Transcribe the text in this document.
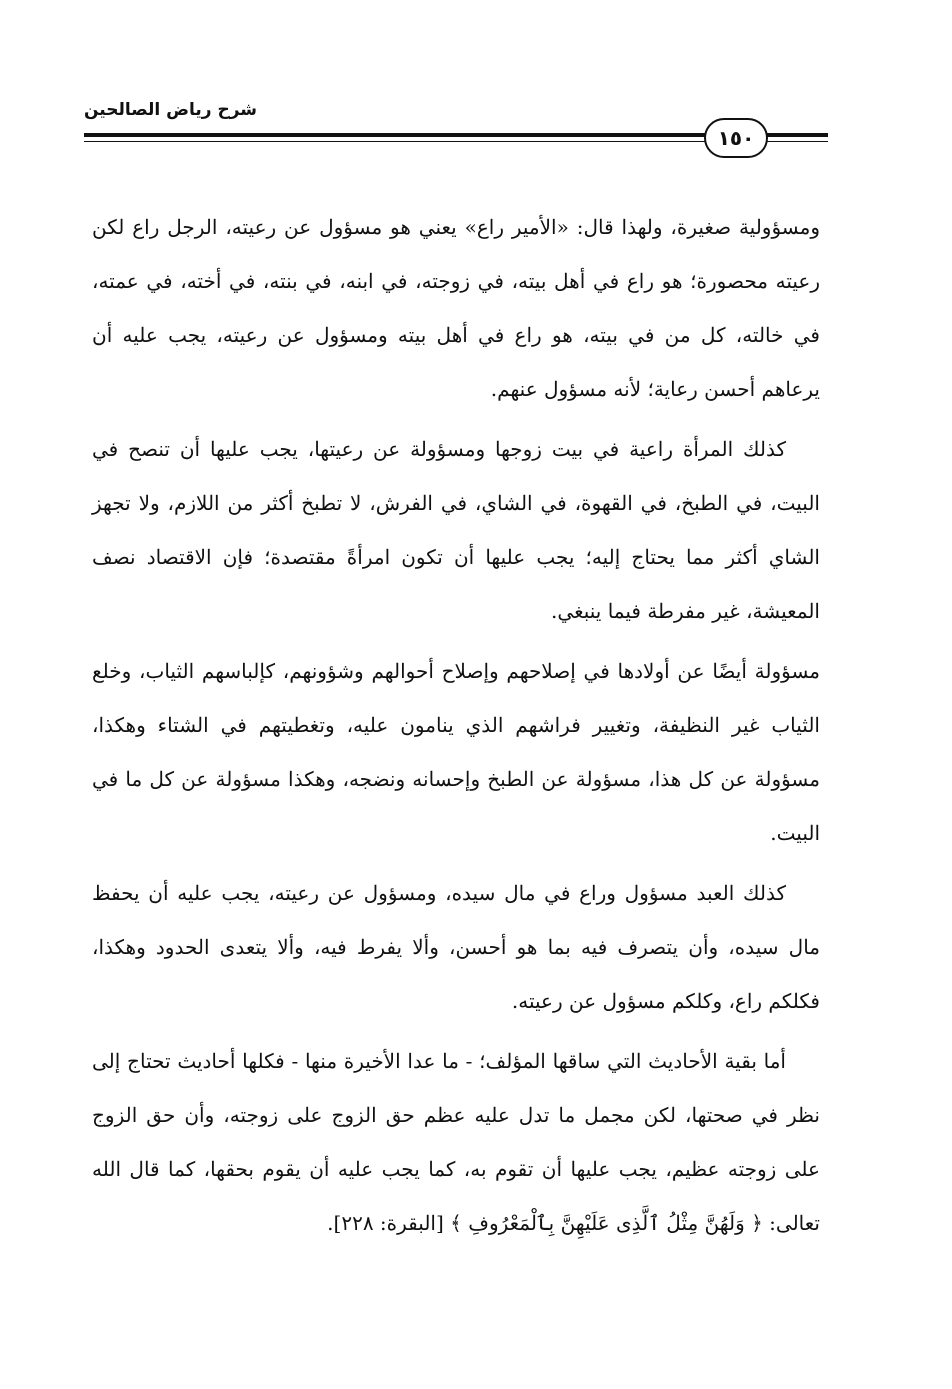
شرح رياض الصالحين
١٥٠

ومسؤولية صغيرة، ولهذا قال: «الأمير راع» يعني هو مسؤول عن رعيته، الرجل راع لكن رعيته محصورة؛ هو راع في أهل بيته، في زوجته، في ابنه، في بنته، في أخته، في عمته، في خالته، كل من في بيته، هو راع في أهل بيته ومسؤول عن رعيته، يجب عليه أن يرعاهم أحسن رعاية؛ لأنه مسؤول عنهم.

كذلك المرأة راعية في بيت زوجها ومسؤولة عن رعيتها، يجب عليها أن تنصح في البيت، في الطبخ، في القهوة، في الشاي، في الفرش، لا تطبخ أكثر من اللازم، ولا تجهز الشاي أكثر مما يحتاج إليه؛ يجب عليها أن تكون امرأةً مقتصدة؛ فإن الاقتصاد نصف المعيشة، غير مفرطة فيما ينبغي.

مسؤولة أيضًا عن أولادها في إصلاحهم وإصلاح أحوالهم وشؤونهم، كإلباسهم الثياب، وخلع الثياب غير النظيفة، وتغيير فراشهم الذي ينامون عليه، وتغطيتهم في الشتاء وهكذا، مسؤولة عن كل هذا، مسؤولة عن الطبخ وإحسانه ونضجه، وهكذا مسؤولة عن كل ما في البيت.

كذلك العبد مسؤول وراع في مال سيده، ومسؤول عن رعيته، يجب عليه أن يحفظ مال سيده، وأن يتصرف فيه بما هو أحسن، وألا يفرط فيه، وألا يتعدى الحدود وهكذا، فكلكم راع، وكلكم مسؤول عن رعيته.

أما بقية الأحاديث التي ساقها المؤلف؛ - ما عدا الأخيرة منها - فكلها أحاديث تحتاج إلى نظر في صحتها، لكن مجمل ما تدل عليه عظم حق الزوج على زوجته، وأن حق الزوج على زوجته عظيم، يجب عليها أن تقوم به، كما يجب عليه أن يقوم بحقها، كما قال الله تعالى: ﴿ وَلَهُنَّ مِثْلُ ٱلَّذِى عَلَيْهِنَّ بِٱلْمَعْرُوفِ ﴾ [البقرة: ٢٢٨].
